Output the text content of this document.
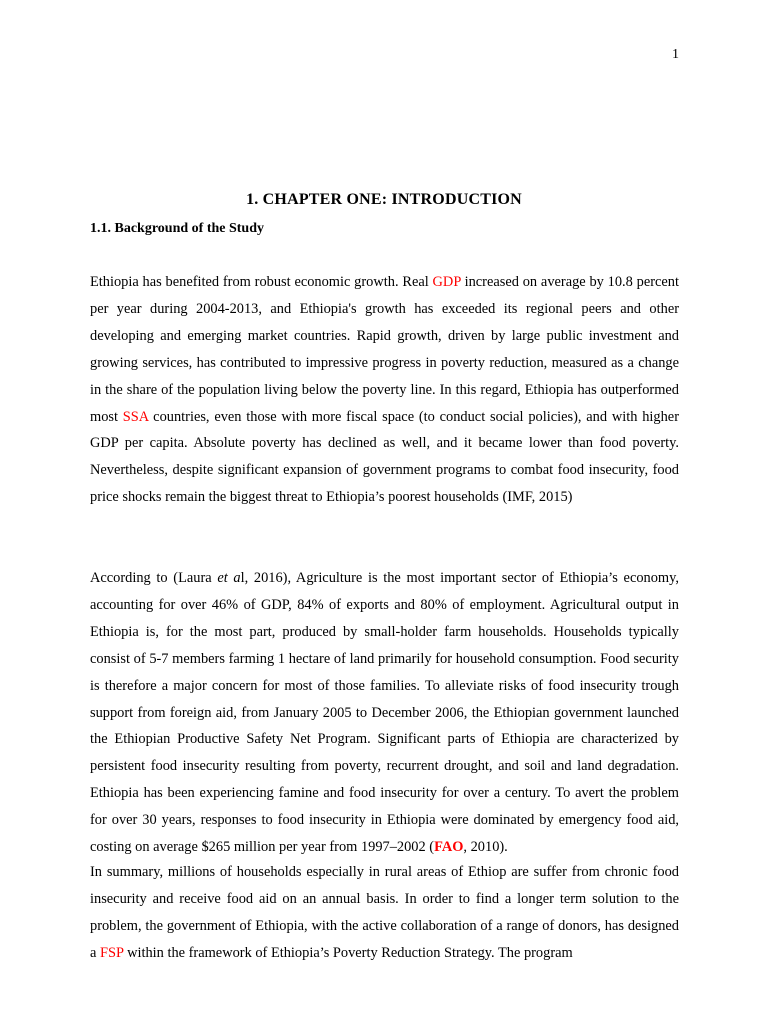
1
1. CHAPTER ONE: INTRODUCTION
1.1. Background of the Study

Ethiopia has benefited from robust economic growth. Real GDP increased on average by 10.8 percent per year during 2004-2013, and Ethiopia's growth has exceeded its regional peers and other developing and emerging market countries. Rapid growth, driven by large public investment and growing services, has contributed to impressive progress in poverty reduction, measured as a change in the share of the population living below the poverty line. In this regard, Ethiopia has outperformed most SSA countries, even those with more fiscal space (to conduct social policies), and with higher GDP per capita. Absolute poverty has declined as well, and it became lower than food poverty. Nevertheless, despite significant expansion of government programs to combat food insecurity, food price shocks remain the biggest threat to Ethiopia’s poorest households (IMF, 2015)

According to (Laura et al, 2016), Agriculture is the most important sector of Ethiopia’s economy, accounting for over 46% of GDP, 84% of exports and 80% of employment. Agricultural output in Ethiopia is, for the most part, produced by small-holder farm households. Households typically consist of 5-7 members farming 1 hectare of land primarily for household consumption. Food security is therefore a major concern for most of those families. To alleviate risks of food insecurity trough support from foreign aid, from January 2005 to December 2006, the Ethiopian government launched the Ethiopian Productive Safety Net Program. Significant parts of Ethiopia are characterized by persistent food insecurity resulting from poverty, recurrent drought, and soil and land degradation. Ethiopia has been experiencing famine and food insecurity for over a century. To avert the problem for over 30 years, responses to food insecurity in Ethiopia were dominated by emergency food aid, costing on average $265 million per year from 1997–2002 (FAO, 2010).

In summary, millions of households especially in rural areas of Ethiop are suffer from chronic food insecurity and receive food aid on an annual basis. In order to find a longer term solution to the problem, the government of Ethiopia, with the active collaboration of a range of donors, has designed a FSP within the framework of Ethiopia’s Poverty Reduction Strategy. The program
